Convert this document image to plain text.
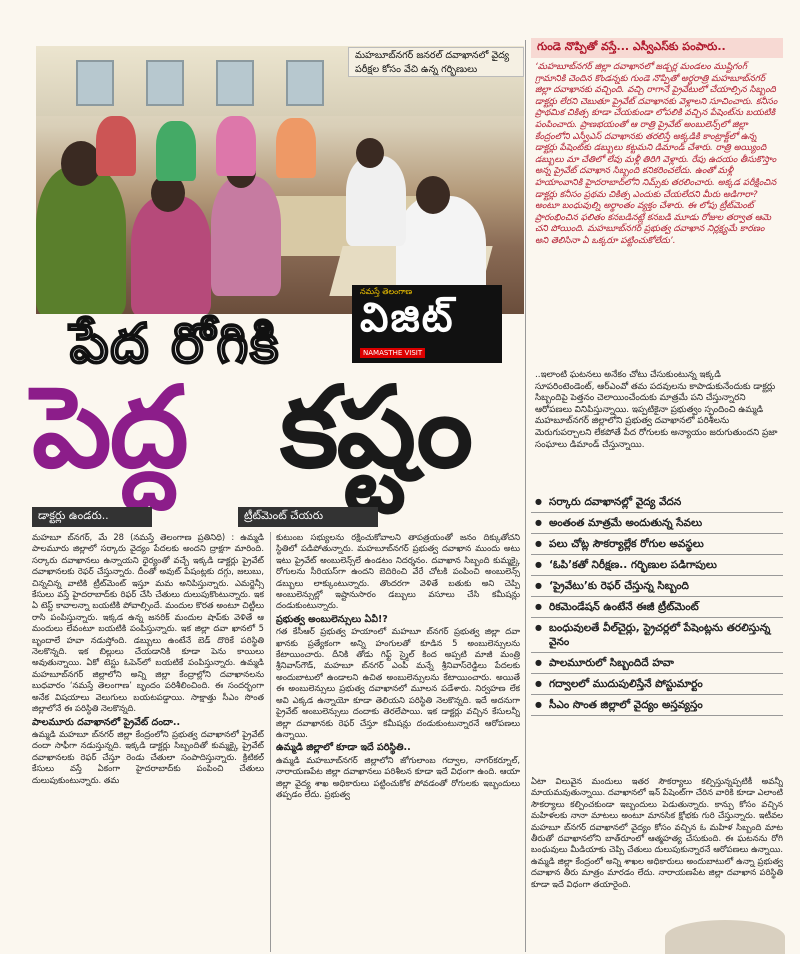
మహబూబ్‌నగర్ జనరల్ దవాఖానలో వైద్య పరీక్షల కోసం వేచి ఉన్న గర్భిణులు
గుండె నొప్పితో వస్తే... ఎస్వీఎస్‌కు పంపారు..
‘మహబూబ్‌నగర్ జిల్లా దవాఖానలో జడ్చర్ల మండలం ముష్టిగంగ్ గ్రామానికి చెందిన కొండన్నకు గుండె నొప్పితో అర్ధరాత్రి మహబూబ్‌నగర్ జిల్లా దవాఖానకు వచ్చింది. వచ్చి రాగానే ప్రైవేటులో చేయాల్సిన సిబ్బంది డాక్టర్లు లేరని చెబుతూ ప్రైవేట్ దవాఖానకు వెళ్లాలని సూచించారు. కనీసం ప్రాథమిక చికిత్స కూడా చేయకుండా లోపలికి వచ్చిన పేషెంట్‌ను బయటికి పంపించారు. ప్రాణభయంతో ఆ రాత్రి ప్రైవేట్ అంబులెన్స్‌లో జిల్లా కేంద్రంలోని ఎస్వీఎస్ దవాఖానకు తరలిస్తే అక్కడికి కాంట్రాక్ట్‌లో ఉన్న డాక్టర్లు పేషెంట్‌కు డబ్బులు కట్టమని డిమాండ్ చేశారు. రాత్రి అయ్యింది డబ్బులు మా చేతిలో లేవు మళ్లీ తిరిగి వెళ్లారు. రేపు ఉదయం తీసుకొస్తాం అన్న ప్రైవేట్ దవాఖాన సిబ్బంది కనికరించలేదు. ఉంతో మళ్లీ హయాంవానికి హైదరాబాద్‌లోని నిమ్స్‌కు తరలించారు. అక్కడ పరీక్షించిన డాక్టర్లు కనీసం ప్రథమ చికిత్స ఎందుకు చేయలేదని మీరు అడిగారా? అంటూ బంధువుల్ని అర్థాంతం వ్యక్తం చేశారు. ఈ లోపు ట్రీట్‌మెంట్ ప్రారంభించిన ఫలితం కనబడినట్లే కనబడి మూడు రోజుల తర్వాత ఆమె చని పోయింది. మహబూబ్‌నగర్ ప్రభుత్వ దవాఖాన నిర్లక్ష్యమే కారణం అని తెలిసినా ఏ ఒక్కరూ పట్టించుకోలేదు’.
..ఇలాంటి ఘటనలు అనేకం చోటు చేసుకుంటున్న ఇక్కడి సూపరింటెండెంట్, ఆర్ఎంవో తమ పదవులను కాపాడుకునేందుకు డాక్టర్లు సిబ్బందిపై పెత్తనం చెలాయించేందుకు మాత్రమే పని చేస్తున్నారని ఆరోపణలు వినిపిస్తున్నాయి. ఇప్పటికైనా ప్రభుత్వం స్పందించి ఉమ్మడి మహబూబ్‌నగర్ జిల్లాలోని ప్రభుత్వ దవాఖానలో పరిశీలను మెరుగుపర్చాలని లేకపోతే పేద రోగులకు అన్యాయం జరుగుతుందని ప్రజా సంఘాలు డిమాండ్ చేస్తున్నాయి.
నమస్తే తెలంగాణ
విజిట్
NAMASTHE VISIT
పేద రోగికి
పెద్ద కష్టం
డాక్టర్లు ఉండరు..	ట్రీట్‌మెంట్ చేయరు
● సర్కారు దవాఖానల్లో వైద్య వేదన
● అంతంత మాత్రమే అందుతున్న సేవలు
● పలు చోట్ల సౌకర్యాల్లేక రోగుల అవస్థలు
● ‘ఓపి’కతో నిరీక్షణ.. గర్భిణుల పడిగాపులు
● ‘ప్రైవేటు’కు రెఫర్ చేస్తున్న సిబ్బంది
● రికమెండేషన్ ఉంటేనే ఈజీ ట్రీట్‌మెంట్
● బంధువులతే వీల్‌చైర్లు, స్ట్రెచర్లలో పేషెంట్లను తరలిస్తున్న వైనం
● పాలమూరులో సిబ్బందిదే హవా
● గద్వాలలో ముదుపులిస్తేనే పోస్టుమార్టం
● సీఎం సొంత జిల్లాలో వైద్యం అస్తవ్యస్తం

మహబూ బ్‌నగర్, మే 28 (నమస్తే తెలంగాణ ప్రతినిధి) : ఉమ్మడి పాలమూరు జిల్లాలో సర్కారు వైద్యం పేదలకు అందని ద్రాక్షగా మారింది. సర్కారు దవాఖానలు ఉన్నాయని ధైర్యంతో వచ్చే ఇక్కడి డాక్టర్లు ప్రైవేట్ దవాఖానలకు రెఫర్ చేస్తున్నారు. దీంతో అవుట్ పేషంట్లకు దగ్గు, జలుబు, చిన్నచిన్న వాటికి ట్రీట్‌మెంట్ ఇస్తూ మమ అనిపిస్తున్నారు. ఎమర్జెన్సీ కేసులు వస్తే హైదరాబాద్‌కు రిఫర్ చేసి చేతులు దులుపుకొంటున్నారు. ఇక ఏ టెస్ట్ కావాలన్నా బయటికి పోవాల్సిందే. మందుల కొరత అంటూ చిట్టీలు రాసి పంపిస్తున్నారు. ఇక్కడ ఉన్న జనరిక్ మందుల షాప్‌కు వెళితే ఆ మందులు లేవంటూ బయటికి పంపిస్తున్నారు. ఇక జిల్లా దవా ఖానలో 5 బృందాలే హవా నడుస్తోంది. డబ్బులు ఉంటేనే బెడ్ దొరికే పరిస్థితి నెలకొన్నది. ఇక బిల్లులు చేయడానికి కూడా పెను కాయిలు అవుతున్నాయి. ఏకో టెస్టు ఓపెన్‌లో బయటికే పంపిస్తున్నారు. ఉమ్మడి మహబూబ్‌నగర్ జిల్లాలోని అన్ని జిల్లా కేంద్రాల్లోని దవాఖానలను బుధవారం ‘నమస్తే తెలంగాణ’ బృందం పరిశీలించింది. ఈ సందర్భంగా అనేక విషయాలు వెలుగులు బయటపడ్డాయి. సాక్షాత్తు సీఎం సొంత జిల్లాలోనే ఈ పరిస్థితి నెలకొన్నది.

పాలమూరు దవాఖానలో ప్రైవేట్ దందా..

ఉమ్మడి మహబూ బ్‌నగర్ జిల్లా కేంద్రంలోని ప్రభుత్వ దవాఖానలో ప్రైవేట్ దందా సాఫీగా నడుస్తున్నది. ఇక్కడి డాక్టర్లు సిబ్బందితో కుమ్మక్కై ప్రైవేట్ దవాఖానలకు రెఫర్ చేస్తూ రెండు చేతులా సంపాదిస్తున్నారు. క్రిటికల్ కేసులు వస్తే ఏకంగా హైదరాబాద్‌కు పంపించి చేతులు దులుపుకుంటున్నారు. తమ

కుటుంబ సభ్యులను రక్షించుకోవాలని తాపత్రయంతో జనం దిక్కుతోచని స్థితిలో పడిపోతున్నారు. మహబూబ్‌నగర్ ప్రభుత్వ దవాఖాన ముందు అటు ఇటు ప్రైవేట్ అంబులెన్స్‌లే ఉండటం నిదర్శనం. దవాఖాన సిబ్బంది కుమ్మక్కై రోగులను సీరియస్‌గా ఉందని బెదిరించి వేరే చోటకి పంపించి అంబులెన్స్ డబ్బులు లాక్కుంటున్నారు. తొందరగా వెళితే బతుకు అని చెప్పి అంబులెన్సుల్లో ఇష్టానుసారం డబ్బులు వసూలు చేసి కమీషన్లు దండుకుంటున్నారు.

ప్రభుత్వ అంబులెన్సులు ఏవీ!?

గత కేసీఆర్ ప్రభుత్వ హయాంలో మహబూ బ్‌నగర్ ప్రభుత్వ జిల్లా దవా ఖానకు ప్రత్యేకంగా అన్ని హంగులతో కూడిన 5 అంబులెన్సులను కేటాయించారు. దీనికి తోడు గిఫ్ట్ స్మైల్ కింద అప్పటి మాజీ మంత్రి శ్రీనివాస్‌గౌడ్, మహబూ బ్‌నగర్ ఎంపీ మన్నే శ్రీనివాస్‌రెడ్డిలు పేదలకు అందుబాటులో ఉండాలని ఉచిత అంబులెన్సులను కేటాయించారు. అయితే ఈ అంబులెన్సులు ప్రభుత్వ దవాఖానలో మూలన పడేశారు. నిర్వహణ లేక అవి ఎక్కడ ఉన్నాయో కూడా తెలియని పరిస్థితి నెలకొన్నది. ఇదే అదనుగా ప్రైవేట్ అంబులెన్సులు దందాకు తెరలేపాయి. ఇక డాక్టర్లు వచ్చిన కేసులన్నీ జిల్లా దవాఖానకు రెఫర్ చేస్తూ కమీషన్లు దండుకుంటున్నారనే ఆరోపణలు ఉన్నాయి.

ఉమ్మడి జిల్లాలో కూడా ఇదే పరిస్థితి..

ఉమ్మడి మహబూబ్‌నగర్ జిల్లాలోని జోగులాంబ గద్వాల, నాగర్‌కర్నూల్, నారాయణపేట జిల్లా దవాఖానలు పరిశీలన కూడా ఇదే విధంగా ఉంది. ఆయా జిల్లా వైద్య శాఖ అధికారులు పట్టించుకోక పోవడంతో రోగులకు ఇబ్బందులు తప్పడం లేదు. ప్రభుత్వ

ఏటా విలువైన మందులు ఇతర సౌకర్యాలు కల్పిస్తున్నప్పటికీ అవన్నీ మాయమవుతున్నాయి. దవాఖానలో ఇన్ పేషెంట్‌గా చేరిన వారికి కూడా ఎలాంటి సౌకర్యాలు కల్పించకుండా ఇబ్బందులు పెడుతున్నారు. కాన్పు కోసం వచ్చిన మహిళలకు నానా మాటలు అంటూ మానసిక క్షోభకు గురి చేస్తున్నారు. ఇటీవల మహబూ బ్‌నగర్ దవాఖానలో వైద్యం కోసం వచ్చిన ఓ మహిళ సిబ్బంది మాట తీరుతో దవాఖానలోని బాత్‌రూంలో ఆత్మహత్య చేసుకుంది. ఈ ఘటనను రోగి బంధువులు మీడియాకు చెప్పి చేతులు దులుపుకున్నారనే ఆరోపణలు ఉన్నాయి. ఉమ్మడి జిల్లా కేంద్రంలో అన్ని శాఖల అధికారులు అందుబాటులో ఉన్నా ప్రభుత్వ దవాఖాన తీరు మాత్రం మారడం లేదు. నారాయణపేట జిల్లా దవాఖాన పరిస్థితి కూడా ఇదే విధంగా తయారైంది.
